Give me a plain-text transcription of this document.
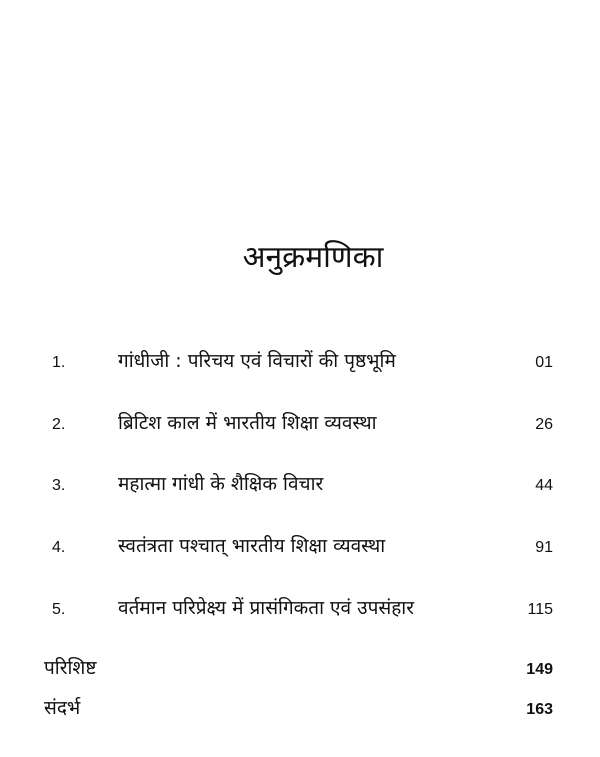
अनुक्रमणिका
1.	गांधीजी : परिचय एवं विचारों की पृष्ठभूमि	01
2.	ब्रिटिश काल में भारतीय शिक्षा व्यवस्था	26
3.	महात्मा गांधी के शैक्षिक विचार	44
4.	स्वतंत्रता पश्चात् भारतीय शिक्षा व्यवस्था	91
5.	वर्तमान परिप्रेक्ष्य में प्रासंगिकता एवं उपसंहार	115
परिशिष्ट	149
संदर्भ	163
